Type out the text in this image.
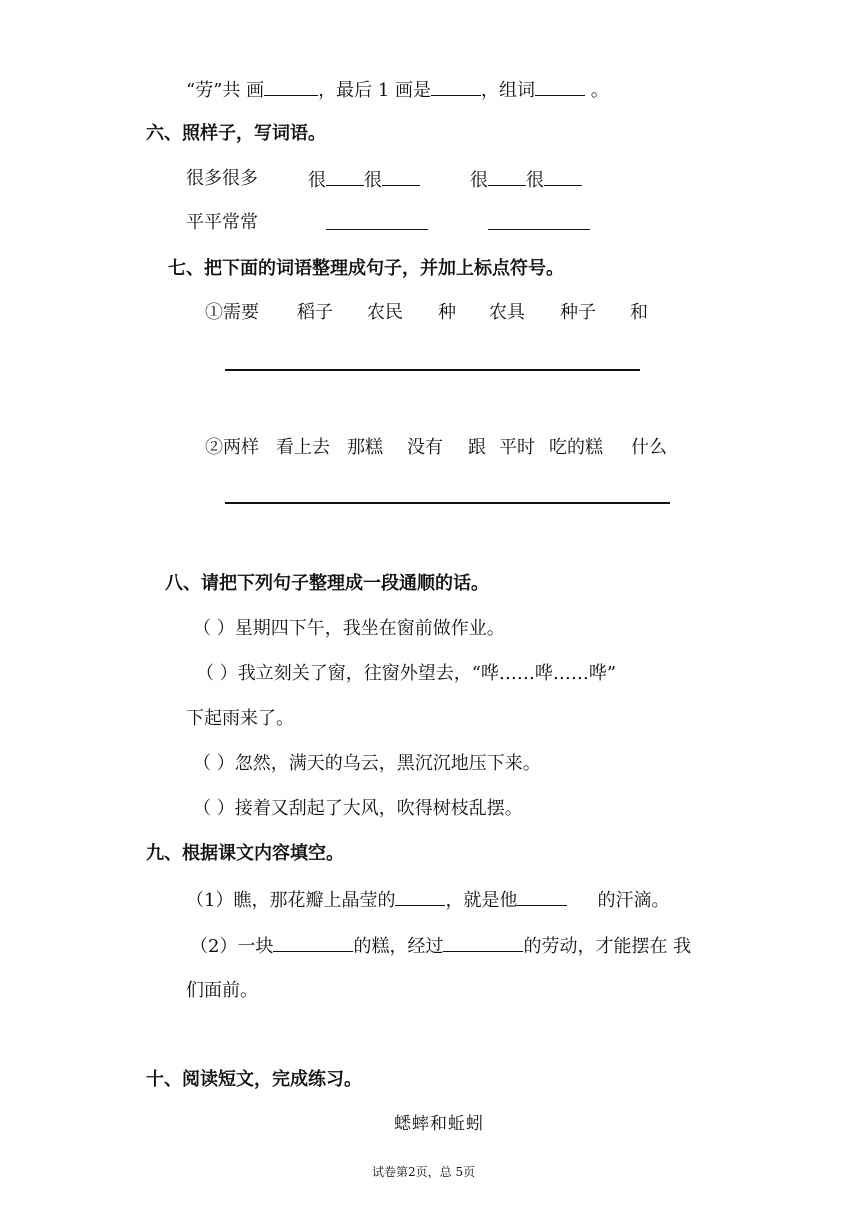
“劳”共 画	，最后 1 画是	，组词	。
六、照样子，写词语。
很多很多	很 很	很 很
平平常常
七、把下面的词语整理成句子，并加上标点符号。
①需要 稻子 农民 种 农具 种子 和
②两样 看上去 那糕 没有 跟 平时 吃的糕 什么
八、请把下列句子整理成一段通顺的话。
（ ）星期四下午，我坐在窗前做作业。
（ ）我立刻关了窗，往窗外望去，“哗……哗……哗”
下起雨来了。
（ ）忽然，满天的乌云，黑沉沉地压下来。
（ ）接着又刮起了大风，吹得树枝乱摆。
九、根据课文内容填空。
（1）瞧，那花瓣上晶莹的	，就是他	的汗滴。
（2）一块	的糕，经过	的劳动，才能摆在 我
们面前。
十、阅读短文，完成练习。
蟋蟀和蚯蚓
试卷第2页，总 5页
